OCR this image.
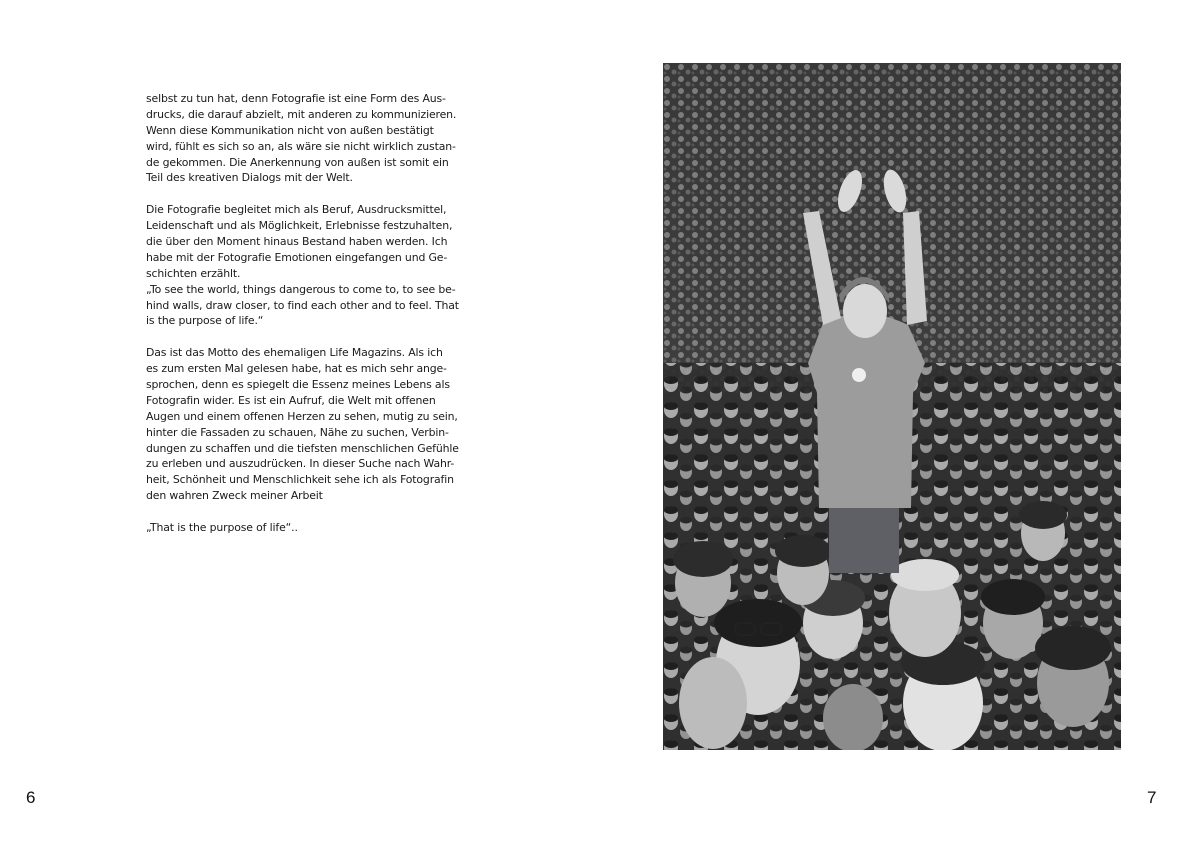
selbst zu tun hat, denn Fotografie ist eine Form des Aus-
drucks, die darauf abzielt, mit anderen zu kommunizieren.
Wenn diese Kommunikation nicht von außen bestätigt
wird, fühlt es sich so an, als wäre sie nicht wirklich zustan-
de gekommen. Die Anerkennung von außen ist somit ein
Teil des kreativen Dialogs mit der Welt.
Die Fotografie begleitet mich als Beruf, Ausdrucksmittel,
Leidenschaft und als Möglichkeit, Erlebnisse festzuhalten,
die über den Moment hinaus Bestand haben werden. Ich
habe mit der Fotografie Emotionen eingefangen und Ge-
schichten erzählt.
„To see the world, things dangerous to come to, to see be-
hind walls, draw closer, to find each other and to feel. That
is the purpose of life.“
Das ist das Motto des ehemaligen Life Magazins. Als ich
es zum ersten Mal gelesen habe, hat es mich sehr ange-
sprochen, denn es spiegelt die Essenz meines Lebens als
Fotografin wider. Es ist ein Aufruf, die Welt mit offenen
Augen und einem offenen Herzen zu sehen, mutig zu sein,
hinter die Fassaden zu schauen, Nähe zu suchen, Verbin-
dungen zu schaffen und die tiefsten menschlichen Gefühle
zu erleben und auszudrücken. In dieser Suche nach Wahr-
heit, Schönheit und Menschlichkeit sehe ich als Fotografin
den wahren Zweck meiner Arbeit
„That is the purpose of life“..
6	7
